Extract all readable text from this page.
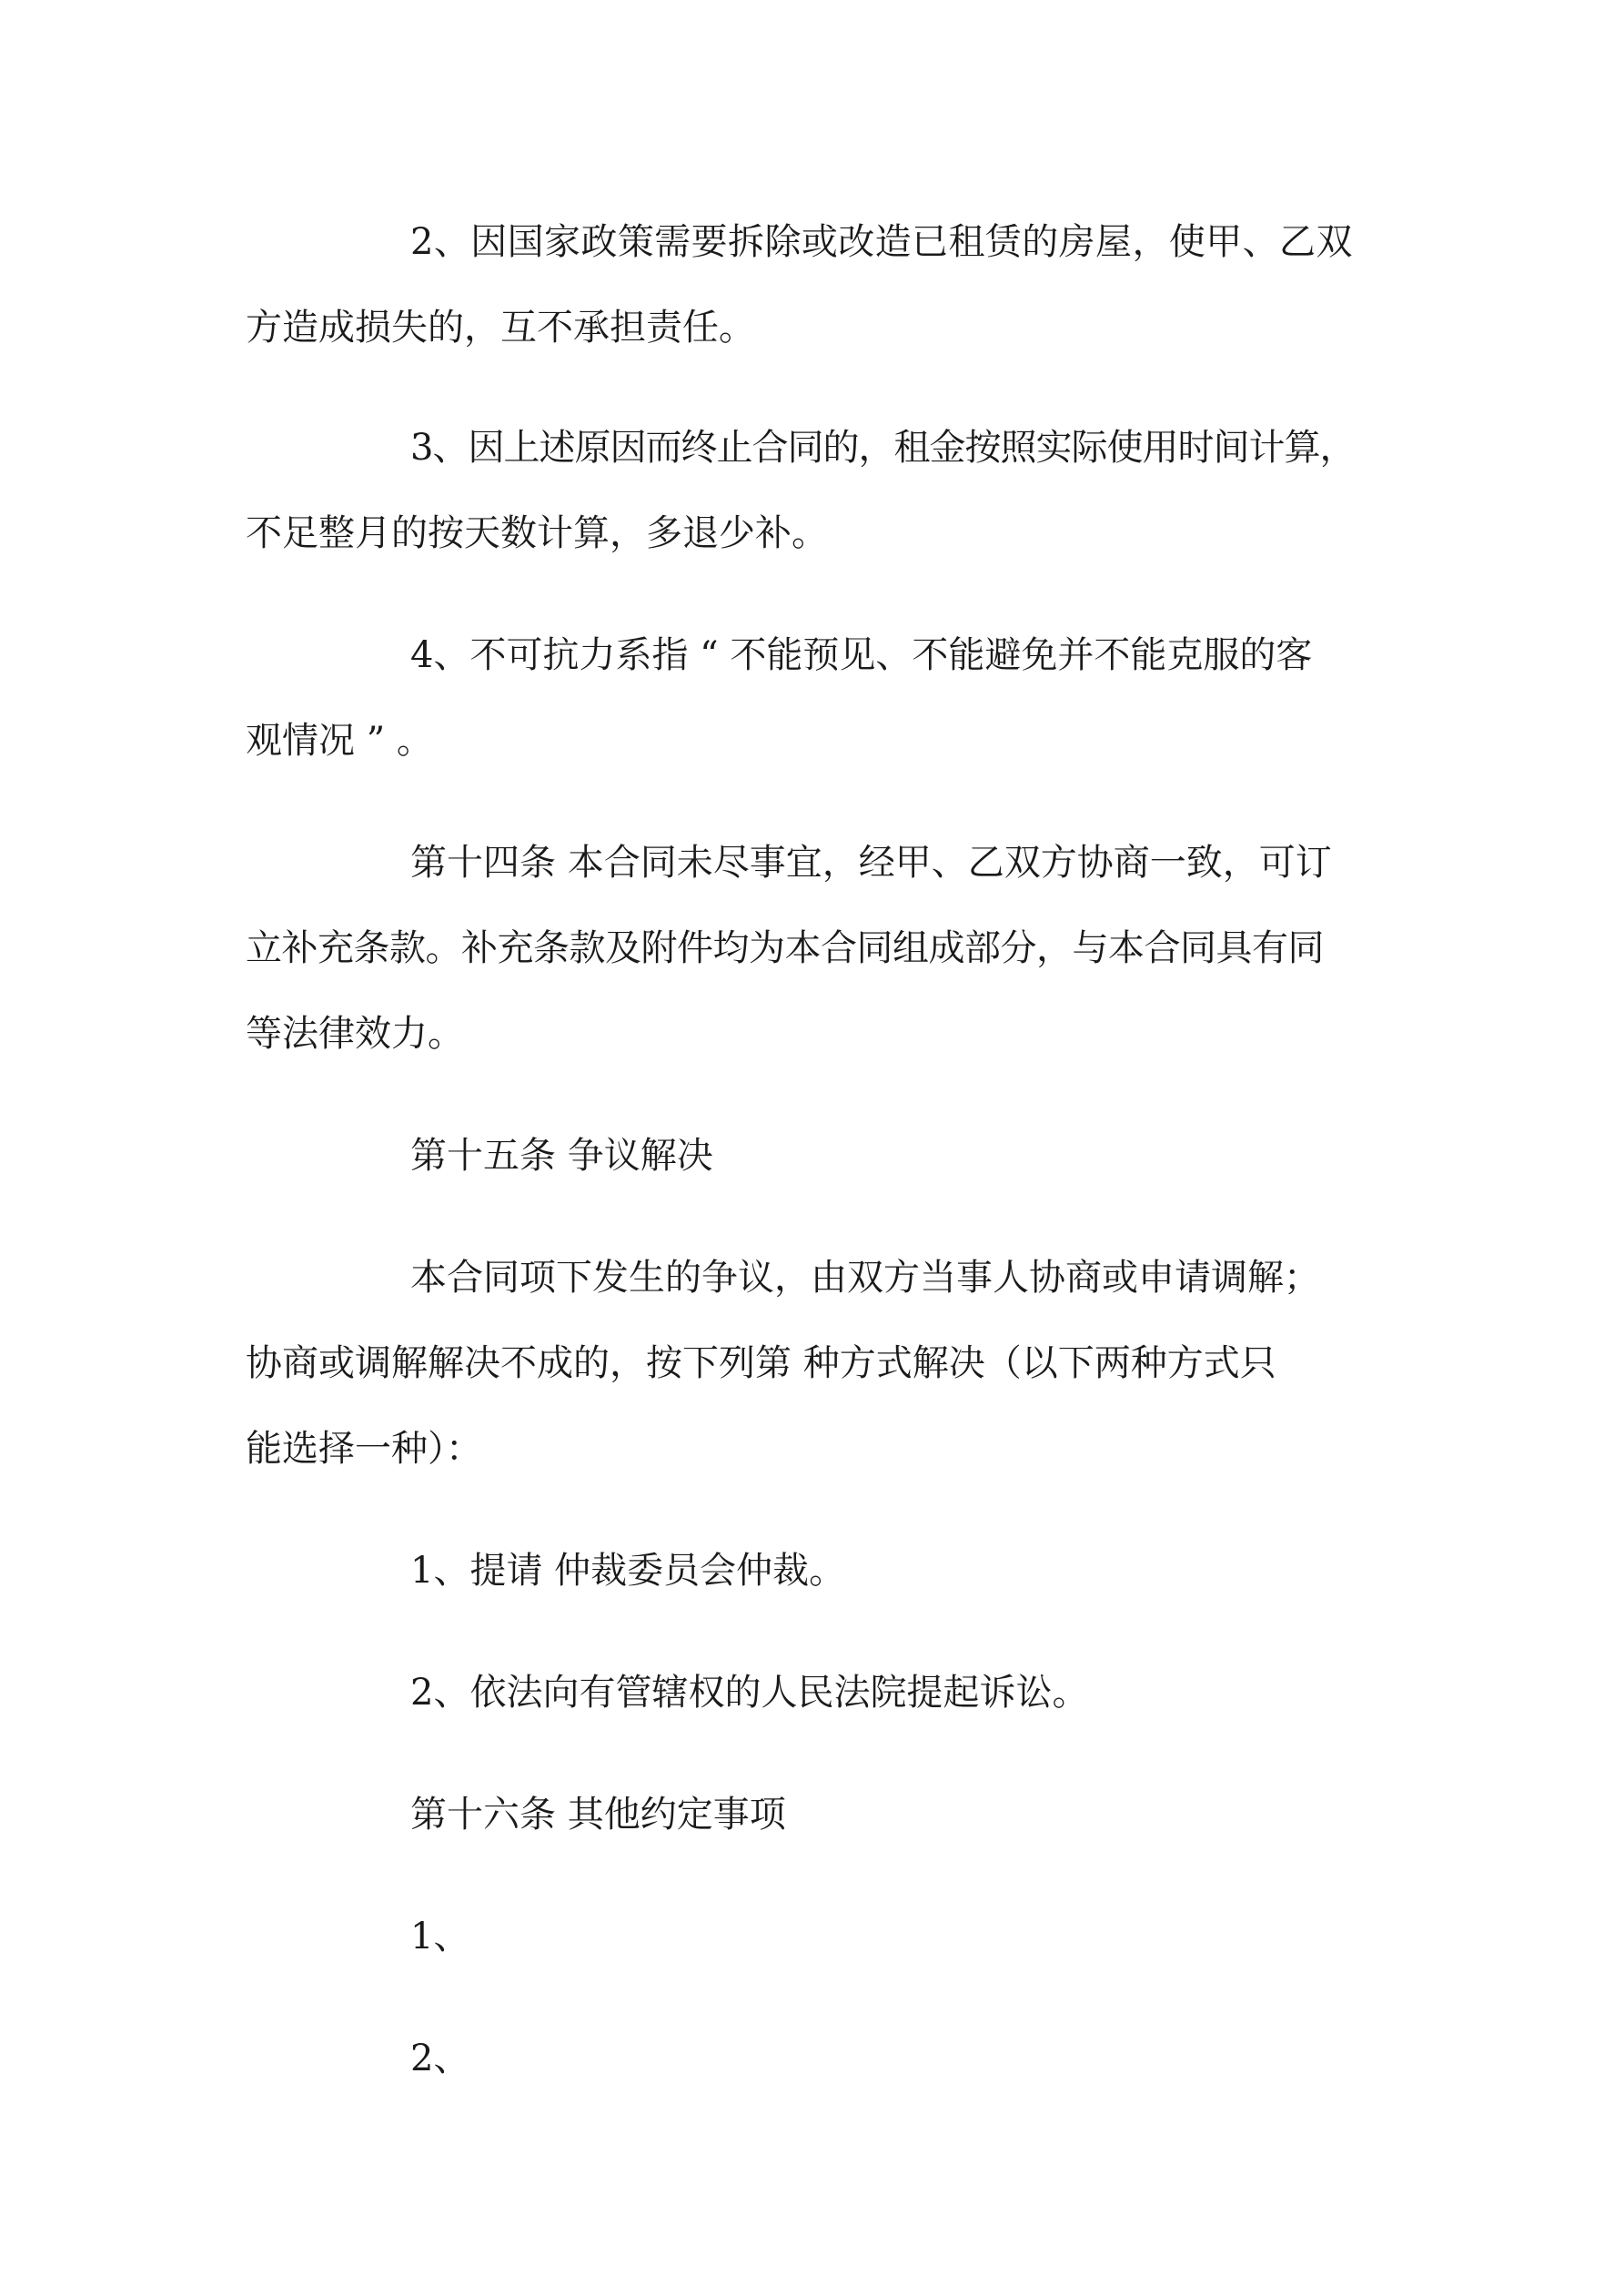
2、因国家政策需要拆除或改造已租赁的房屋，使甲、乙双
方造成损失的，互不承担责任。
3、因上述原因而终止合同的，租金按照实际使用时间计算，
不足整月的按天数计算，多退少补。
4、不可抗力系指 “ 不能预见、不能避免并不能克服的客
观情况 ” 。
第十四条 本合同未尽事宜，经甲、乙双方协商一致，可订
立补充条款。补充条款及附件均为本合同组成部分，与本合同具有同
等法律效力。
第十五条 争议解决
本合同项下发生的争议，由双方当事人协商或申请调解；
协商或调解解决不成的，按下列第 种方式解决（以下两种方式只
能选择一种）：
1、提请 仲裁委员会仲裁。
2、依法向有管辖权的人民法院提起诉讼。
第十六条 其他约定事项
1、
2、
